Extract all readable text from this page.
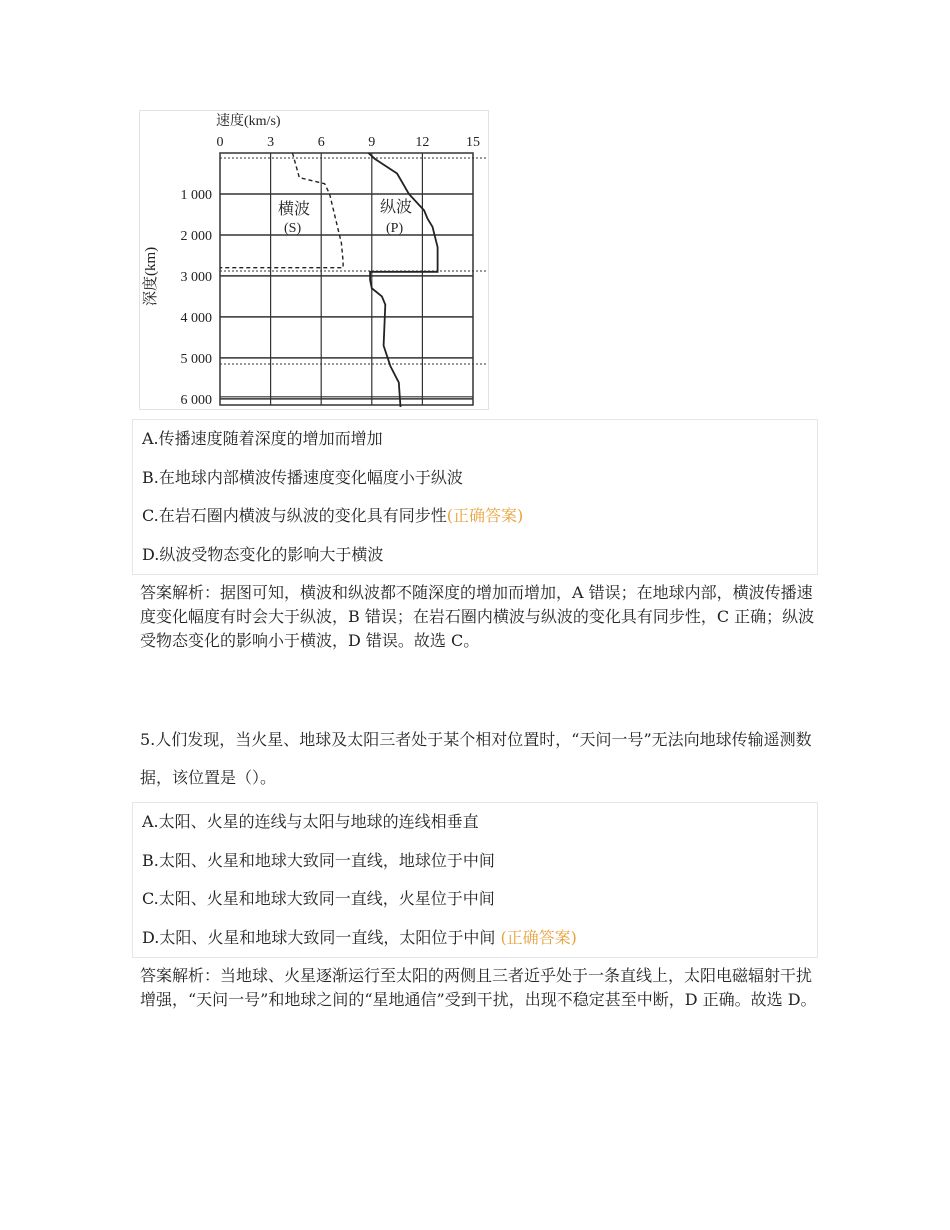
0	3	6	9	12	15
1 000
2 000
3 000
4 000
5 000
6 000
速度(km/s)
深度(km)
横波
(S)
纵波
(P)
A.传播速度随着深度的增加而增加
B.在地球内部横波传播速度变化幅度小于纵波
C.在岩石圈内横波与纵波的变化具有同步性(正确答案)
D.纵波受物态变化的影响大于横波
答案解析：据图可知，横波和纵波都不随深度的增加而增加，A 错误；在地球内部，横波传播速度变化幅度有时会大于纵波，B 错误；在岩石圈内横波与纵波的变化具有同步性，C 正确；纵波受物态变化的影响小于横波，D 错误。故选 C。
5.人们发现，当火星、地球及太阳三者处于某个相对位置时，“天问一号”无法向地球传输遥测数据，该位置是（）。
A.太阳、火星的连线与太阳与地球的连线相垂直
B.太阳、火星和地球大致同一直线，地球位于中间
C.太阳、火星和地球大致同一直线，火星位于中间
D.太阳、火星和地球大致同一直线，太阳位于中间 (正确答案)
答案解析：当地球、火星逐渐运行至太阳的两侧且三者近乎处于一条直线上，太阳电磁辐射干扰增强，“天问一号”和地球之间的“星地通信”受到干扰，出现不稳定甚至中断，D 正确。故选 D。
